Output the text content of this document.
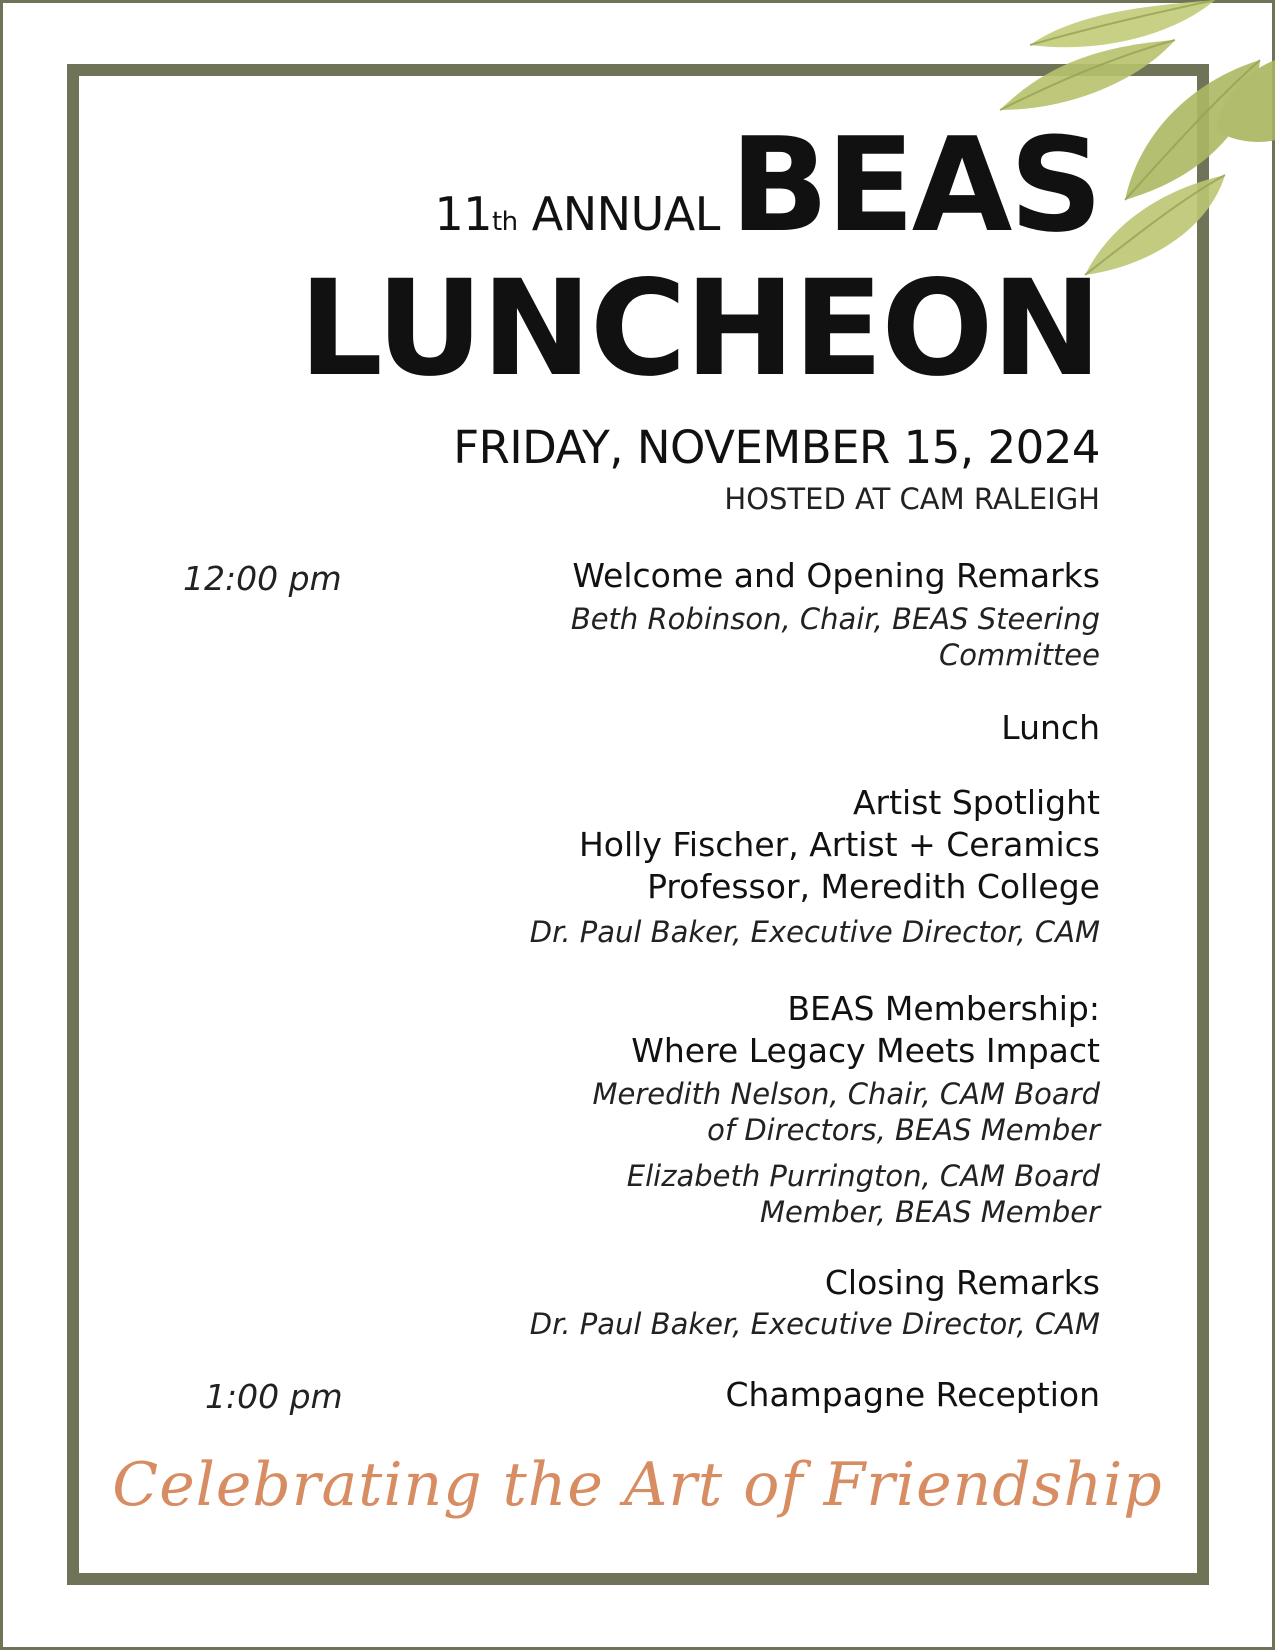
11th ANNUALBEAS
LUNCHEON
FRIDAY, NOVEMBER 15, 2024
HOSTED AT CAM RALEIGH
12:00 pm	Welcome and Opening Remarks
Beth Robinson, Chair, BEAS Steering
Committee
Lunch
Artist Spotlight
Holly Fischer, Artist + Ceramics
Professor, Meredith College
Dr. Paul Baker, Executive Director, CAM
BEAS Membership:
Where Legacy Meets Impact
Meredith Nelson, Chair, CAM Board
of Directors, BEAS Member
Elizabeth Purrington, CAM Board
Member, BEAS Member
Closing Remarks
Dr. Paul Baker, Executive Director, CAM
1:00 pm	Champagne Reception
Celebrating the Art of Friendship
